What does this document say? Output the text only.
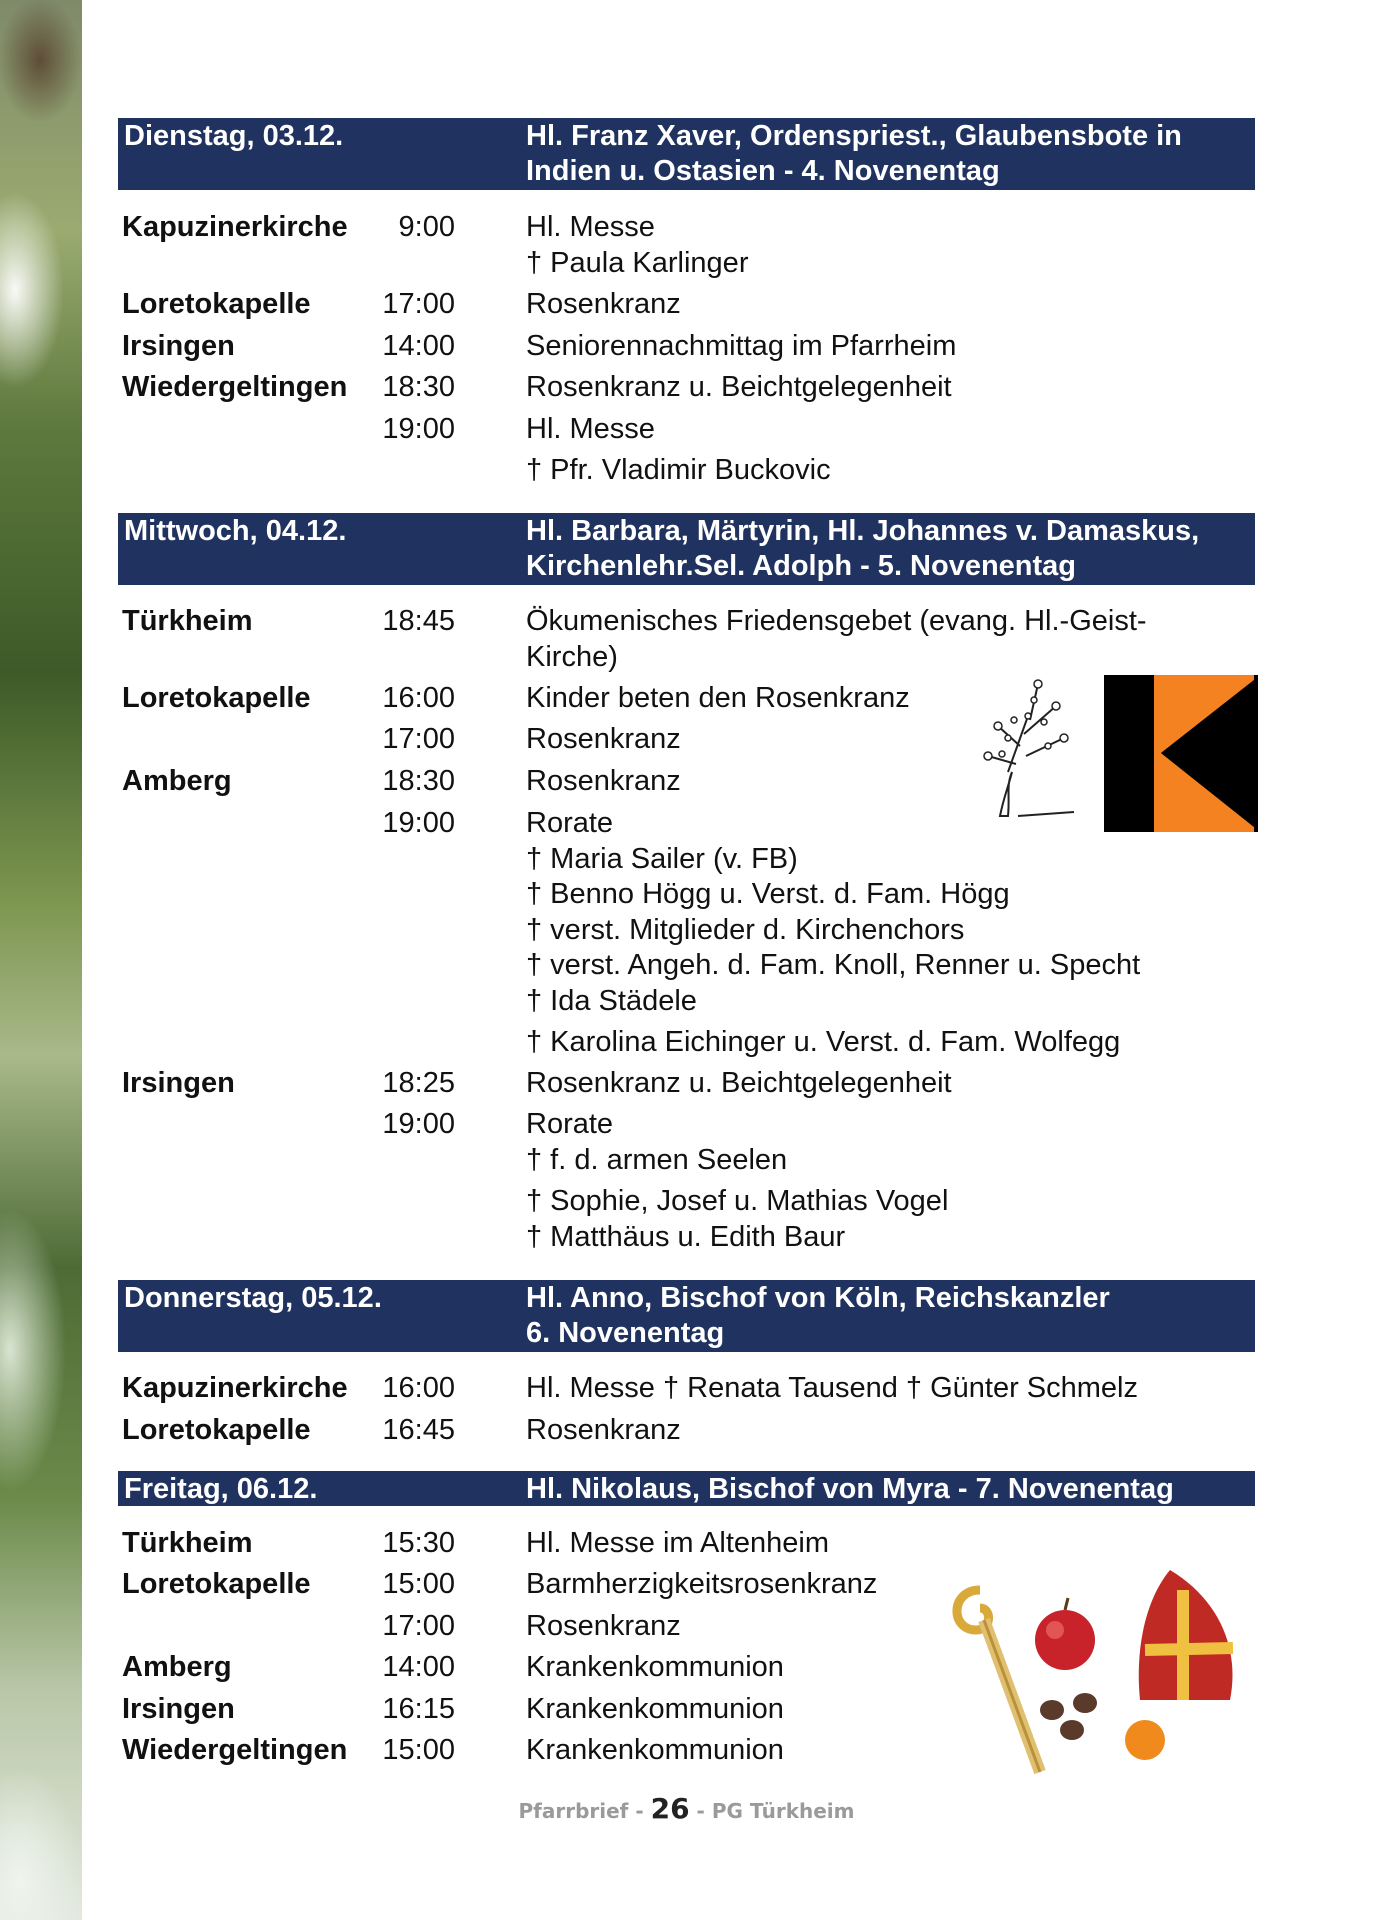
Dienstag, 03.12.	Hl. Franz Xaver, Ordenspriest., Glaubensbote in
Indien u. Ostasien - 4. Novenentag
Kapuzinerkirche	9:00 Hl. Messe
† Paula Karlinger
Loretokapelle	17:00 Rosenkranz
Irsingen	14:00 Seniorennachmittag im Pfarrheim
Wiedergeltingen	18:30 Rosenkranz u. Beichtgelegenheit
19:00 Hl. Messe
† Pfr. Vladimir Buckovic
Mittwoch, 04.12.	Hl. Barbara, Märtyrin, Hl. Johannes v. Damaskus,
Kirchenlehr.Sel. Adolph - 5. Novenentag
Türkheim	18:45 Ökumenisches Friedensgebet (evang. Hl.-Geist-
Kirche)
Loretokapelle	16:00 Kinder beten den Rosenkranz
17:00 Rosenkranz
Amberg	18:30 Rosenkranz
19:00 Rorate
† Maria Sailer (v. FB)
† Benno Högg u. Verst. d. Fam. Högg
† verst. Mitglieder d. Kirchenchors
† verst. Angeh. d. Fam. Knoll, Renner u. Specht
† Ida Städele
† Karolina Eichinger u. Verst. d. Fam. Wolfegg
Irsingen	18:25 Rosenkranz u. Beichtgelegenheit
19:00 Rorate
† f. d. armen Seelen
† Sophie, Josef u. Mathias Vogel
† Matthäus u. Edith Baur
Donnerstag, 05.12.	Hl. Anno, Bischof von Köln, Reichskanzler
6. Novenentag
Kapuzinerkirche	16:00 Hl. Messe † Renata Tausend † Günter Schmelz
Loretokapelle	16:45 Rosenkranz
Freitag, 06.12.	Hl. Nikolaus, Bischof von Myra - 7. Novenentag
Türkheim	15:30 Hl. Messe im Altenheim
Loretokapelle	15:00 Barmherzigkeitsrosenkranz
17:00 Rosenkranz
Amberg	14:00 Krankenkommunion
Irsingen	16:15 Krankenkommunion
Wiedergeltingen	15:00 Krankenkommunion
Pfarrbrief - 26 - PG Türkheim
